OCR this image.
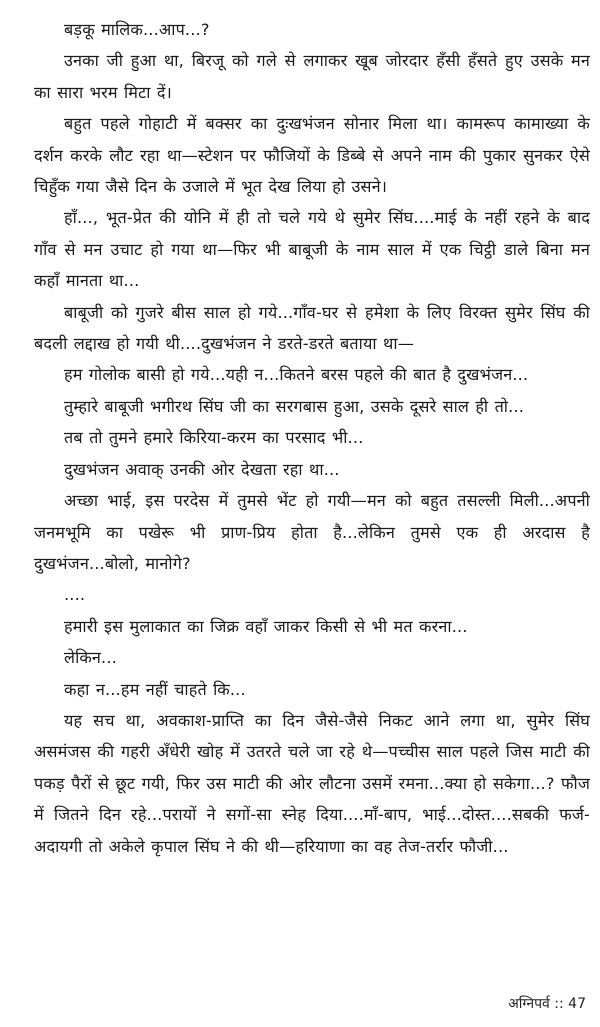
बड़कू मालिक...आप...?

उनका जी हुआ था, बिरजू को गले से लगाकर खूब जोरदार हँसी हँसते हुए उसके मन का सारा भरम मिटा दें।

बहुत पहले गोहाटी में बक्सर का दुःखभंजन सोनार मिला था। कामरूप कामाख्या के दर्शन करके लौट रहा था—स्टेशन पर फौजियों के डिब्बे से अपने नाम की पुकार सुनकर ऐसे चिहुँक गया जैसे दिन के उजाले में भूत देख लिया हो उसने।

हाँ..., भूत-प्रेत की योनि में ही तो चले गये थे सुमेर सिंघ....माई के नहीं रहने के बाद गाँव से मन उचाट हो गया था—फिर भी बाबूजी के नाम साल में एक चिट्ठी डाले बिना मन कहाँ मानता था...

बाबूजी को गुजरे बीस साल हो गये...गाँव-घर से हमेशा के लिए विरक्त सुमेर सिंघ की बदली लद्दाख हो गयी थी....दुखभंजन ने डरते-डरते बताया था—

हम गोलोक बासी हो गये...यही न...कितने बरस पहले की बात है दुखभंजन...

तुम्हारे बाबूजी भगीरथ सिंघ जी का सरगबास हुआ, उसके दूसरे साल ही तो...

तब तो तुमने हमारे किरिया-करम का परसाद भी...

दुखभंजन अवाक् उनकी ओर देखता रहा था...

अच्छा भाई, इस परदेस में तुमसे भेंट हो गयी—मन को बहुत तसल्ली मिली...अपनी जनमभूमि का पखेरू भी प्राण-प्रिय होता है...लेकिन तुमसे एक ही अरदास है दुखभंजन...बोलो, मानोगे?

....

हमारी इस मुलाकात का जिक्र वहाँ जाकर किसी से भी मत करना...

लेकिन...

कहा न...हम नहीं चाहते कि...

यह सच था, अवकाश-प्राप्ति का दिन जैसे-जैसे निकट आने लगा था, सुमेर सिंघ असमंजस की गहरी अँधेरी खोह में उतरते चले जा रहे थे—पच्चीस साल पहले जिस माटी की पकड़ पैरों से छूट गयी, फिर उस माटी की ओर लौटना उसमें रमना...क्या हो सकेगा...? फौज में जितने दिन रहे...परायों ने सगों-सा स्नेह दिया....माँ-बाप, भाई...दोस्त....सबकी फर्ज-अदायगी तो अकेले कृपाल सिंघ ने की थी—हरियाणा का वह तेज-तर्रार फौजी...

अग्निपर्व :: 47
